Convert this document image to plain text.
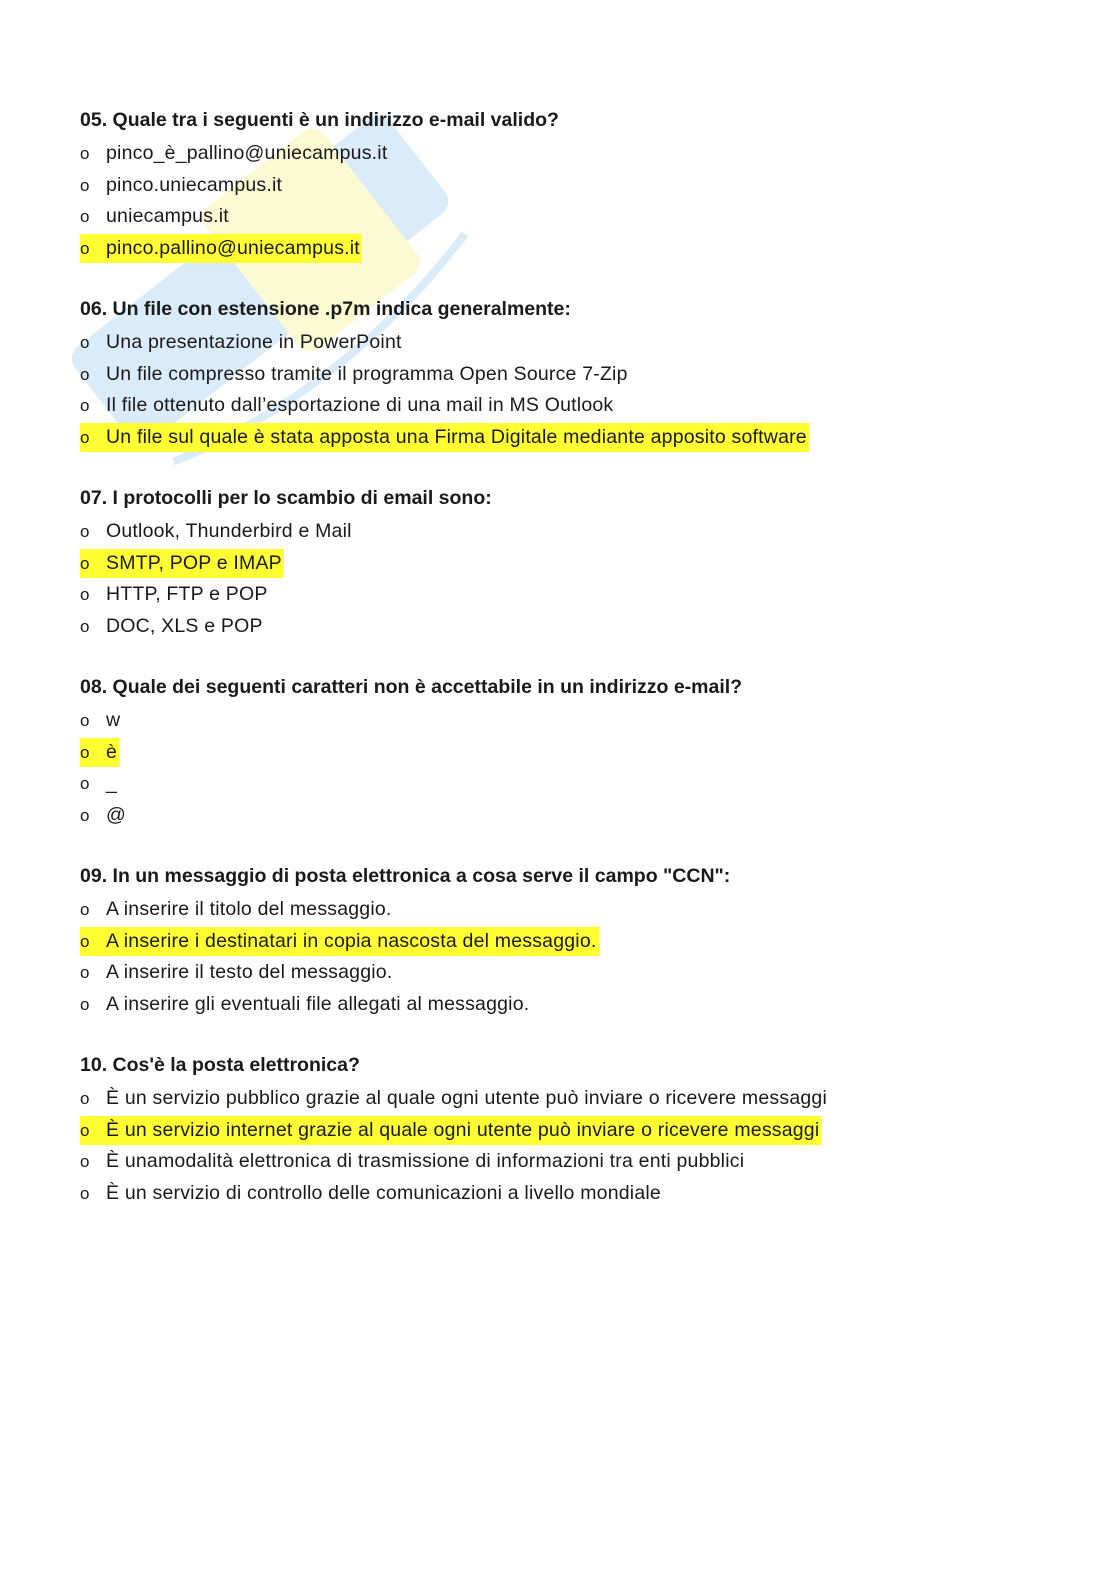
05. Quale tra i seguenti è un indirizzo e-mail valido?
o pinco_è_pallino@uniecampus.it
o pinco.uniecampus.it
o uniecampus.it
o pinco.pallino@uniecampus.it
06. Un file con estensione .p7m indica generalmente:
o Una presentazione in PowerPoint
o Un file compresso tramite il programma Open Source 7-Zip
o Il file ottenuto dall’esportazione di una mail in MS Outlook
o Un file sul quale è stata apposta una Firma Digitale mediante apposito software
07. I protocolli per lo scambio di email sono:
o Outlook, Thunderbird e Mail
o SMTP, POP e IMAP
o HTTP, FTP e POP
o DOC, XLS e POP
08. Quale dei seguenti caratteri non è accettabile in un indirizzo e-mail?
o w
o è
o _
o @
09. In un messaggio di posta elettronica a cosa serve il campo "CCN":
o A inserire il titolo del messaggio.
o A inserire i destinatari in copia nascosta del messaggio.
o A inserire il testo del messaggio.
o A inserire gli eventuali file allegati al messaggio.
10. Cos'è la posta elettronica?
o È un servizio pubblico grazie al quale ogni utente può inviare o ricevere messaggi
o È un servizio internet grazie al quale ogni utente può inviare o ricevere messaggi
o È unamodalità elettronica di trasmissione di informazioni tra enti pubblici
o È un servizio di controllo delle comunicazioni a livello mondiale
